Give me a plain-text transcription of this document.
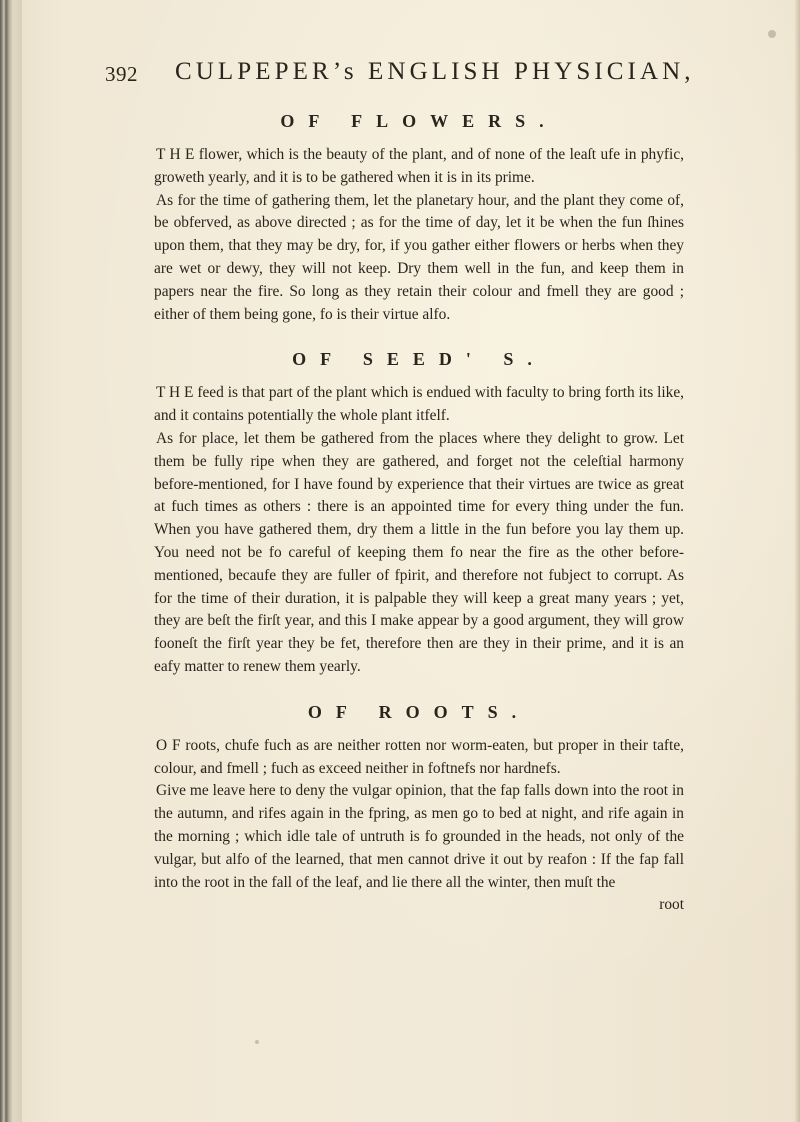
392 CULPEPER’s ENGLISH PHYSICIAN,
OF FLOWERS.

T H E flower, which is the beauty of the plant, and of none of the leaſt ufe in phyfic, groweth yearly, and it is to be gathered when it is in its prime.

As for the time of gathering them, let the planetary hour, and the plant they come of, be obferved, as above directed ; as for the time of day, let it be when the fun ſhines upon them, that they may be dry, for, if you gather either flowers or herbs when they are wet or dewy, they will not keep. Dry them well in the fun, and keep them in papers near the fire. So long as they retain their colour and fmell they are good ; either of them being gone, fo is their virtue alfo.

OF SEED' S.

T H E feed is that part of the plant which is endued with faculty to bring forth its like, and it contains potentially the whole plant itfelf.

As for place, let them be gathered from the places where they delight to grow. Let them be fully ripe when they are gathered, and forget not the celeſtial harmony before-mentioned, for I have found by experience that their virtues are twice as great at fuch times as others : there is an appointed time for every thing under the fun. When you have gathered them, dry them a little in the fun before you lay them up. You need not be fo careful of keeping them fo near the fire as the other before-mentioned, becaufe they are fuller of fpirit, and therefore not fubject to corrupt. As for the time of their duration, it is palpable they will keep a great many years ; yet, they are beſt the firſt year, and this I make appear by a good argument, they will grow fooneſt the firſt year they be fet, therefore then are they in their prime, and it is an eafy matter to renew them yearly.

OF ROOTS.

O F roots, chufe fuch as are neither rotten nor worm-eaten, but proper in their tafte, colour, and fmell ; fuch as exceed neither in foftnefs nor hardnefs.

Give me leave here to deny the vulgar opinion, that the fap falls down into the root in the autumn, and rifes again in the fpring, as men go to bed at night, and rife again in the morning ; which idle tale of untruth is fo grounded in the heads, not only of the vulgar, but alfo of the learned, that men cannot drive it out by reafon : If the fap fall into the root in the fall of the leaf, and lie there all the winter, then muſt the

root
